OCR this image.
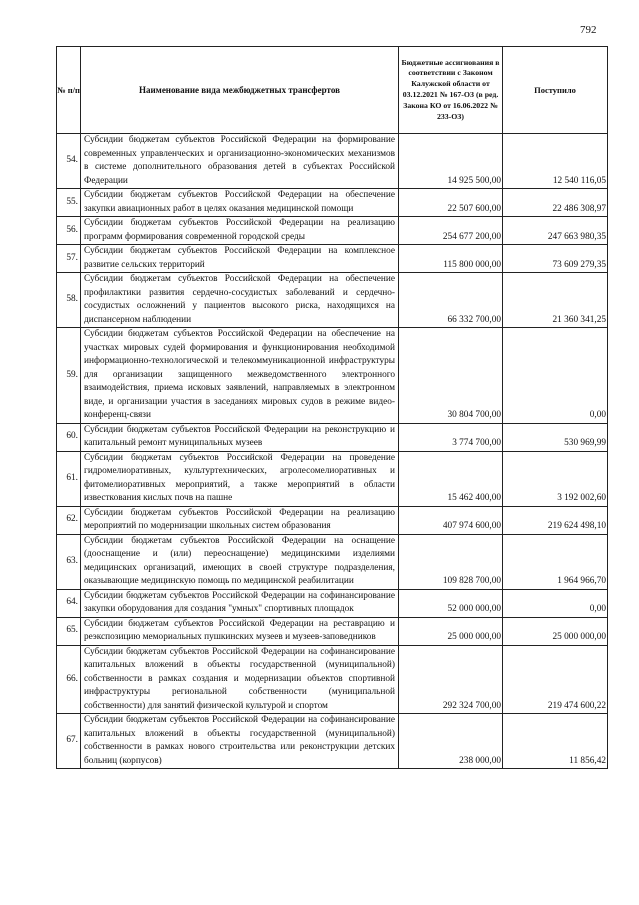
792
№ п/п	Наименование вида межбюджетных трансфертов	Бюджетные ассигнования в соответствии с Законом Калужской области от 03.12.2021 № 167-ОЗ (в ред. Закона КО от 16.06.2022 № 233-ОЗ)	Поступило
54.	Субсидии бюджетам субъектов Российской Федерации на формирование современных управленческих и организационно-экономических механизмов в системе дополнительного образования детей в субъектах Российской Федерации	14 925 500,00	12 540 116,05
55.	Субсидии бюджетам субъектов Российской Федерации на обеспечение закупки авиационных работ в целях оказания медицинской помощи	22 507 600,00	22 486 308,97
56.	Субсидии бюджетам субъектов Российской Федерации на реализацию программ формирования современной городской среды	254 677 200,00	247 663 980,35
57.	Субсидии бюджетам субъектов Российской Федерации на комплексное развитие сельских территорий	115 800 000,00	73 609 279,35
58.	Субсидии бюджетам субъектов Российской Федерации на обеспечение профилактики развития сердечно-сосудистых заболеваний и сердечно-сосудистых осложнений у пациентов высокого риска, находящихся на диспансерном наблюдении	66 332 700,00	21 360 341,25
59.	Субсидии бюджетам субъектов Российской Федерации на обеспечение на участках мировых судей формирования и функционирования необходимой информационно-технологической и телекоммуникационной инфраструктуры для организации защищенного межведомственного электронного взаимодействия, приема исковых заявлений, направляемых в электронном виде, и организации участия в заседаниях мировых судов в режиме видео-конференц-связи	30 804 700,00	0,00
60.	Субсидии бюджетам субъектов Российской Федерации на реконструкцию и капитальный ремонт муниципальных музеев	3 774 700,00	530 969,99
61.	Субсидии бюджетам субъектов Российской Федерации на проведение гидромелиоративных, культуртехнических, агролесомелиоративных и фитомелиоративных мероприятий, а также мероприятий в области известкования кислых почв на пашне	15 462 400,00	3 192 002,60
62.	Субсидии бюджетам субъектов Российской Федерации на реализацию мероприятий по модернизации школьных систем образования	407 974 600,00	219 624 498,10
63.	Субсидии бюджетам субъектов Российской Федерации на оснащение (дооснащение и (или) переоснащение) медицинскими изделиями медицинских организаций, имеющих в своей структуре подразделения, оказывающие медицинскую помощь по медицинской реабилитации	109 828 700,00	1 964 966,70
64.	Субсидии бюджетам субъектов Российской Федерации на софинансирование закупки оборудования для создания "умных" спортивных площадок	52 000 000,00	0,00
65.	Субсидии бюджетам субъектов Российской Федерации на реставрацию и реэкспозицию мемориальных пушкинских музеев и музеев-заповедников	25 000 000,00	25 000 000,00
66.	Субсидии бюджетам субъектов Российской Федерации на софинансирование капитальных вложений в объекты государственной (муниципальной) собственности в рамках создания и модернизации объектов спортивной инфраструктуры региональной собственности (муниципальной собственности) для занятий физической культурой и спортом	292 324 700,00	219 474 600,22
67.	Субсидии бюджетам субъектов Российской Федерации на софинансирование капитальных вложений в объекты государственной (муниципальной) собственности в рамках нового строительства или реконструкции детских больниц (корпусов)	238 000,00	11 856,42
